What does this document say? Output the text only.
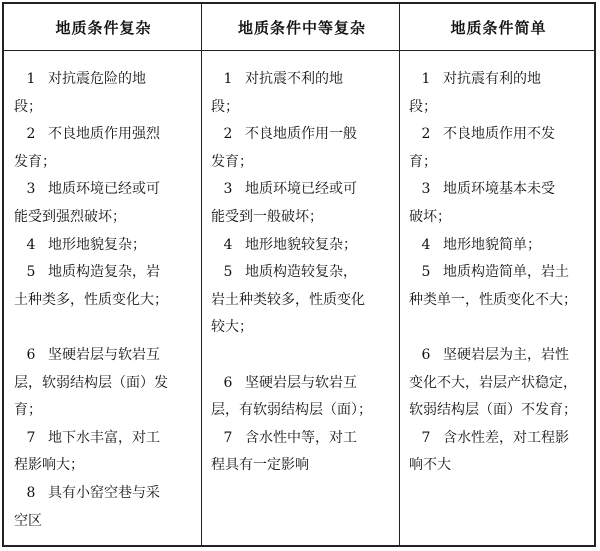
地质条件复杂	地质条件中等复杂	地质条件简单
1 对抗震危险的地
段；
2 不良地质作用强烈
发育；
3 地质环境已经或可
能受到强烈破坏；
4 地形地貌复杂；
5 地质构造复杂，岩
土种类多，性质变化大；
6 坚硬岩层与软岩互
层，软弱结构层（面）发
育；
7 地下水丰富，对工
程影响大；
8 具有小窑空巷与采
空区
1 对抗震不利的地
段；
2 不良地质作用一般
发育；
3 地质环境已经或可
能受到一般破坏；
4 地形地貌较复杂；
5 地质构造较复杂，
岩土种类较多，性质变化
较大；
6 坚硬岩层与软岩互
层，有软弱结构层（面）；
7 含水性中等，对工
程具有一定影响
1 对抗震有利的地
段；
2 不良地质作用不发
育；
3 地质环境基本未受
破坏；
4 地形地貌简单；
5 地质构造简单，岩土
种类单一，性质变化不大；
6 坚硬岩层为主，岩性
变化不大，岩层产状稳定，
软弱结构层（面）不发育；
7 含水性差，对工程影
响不大
